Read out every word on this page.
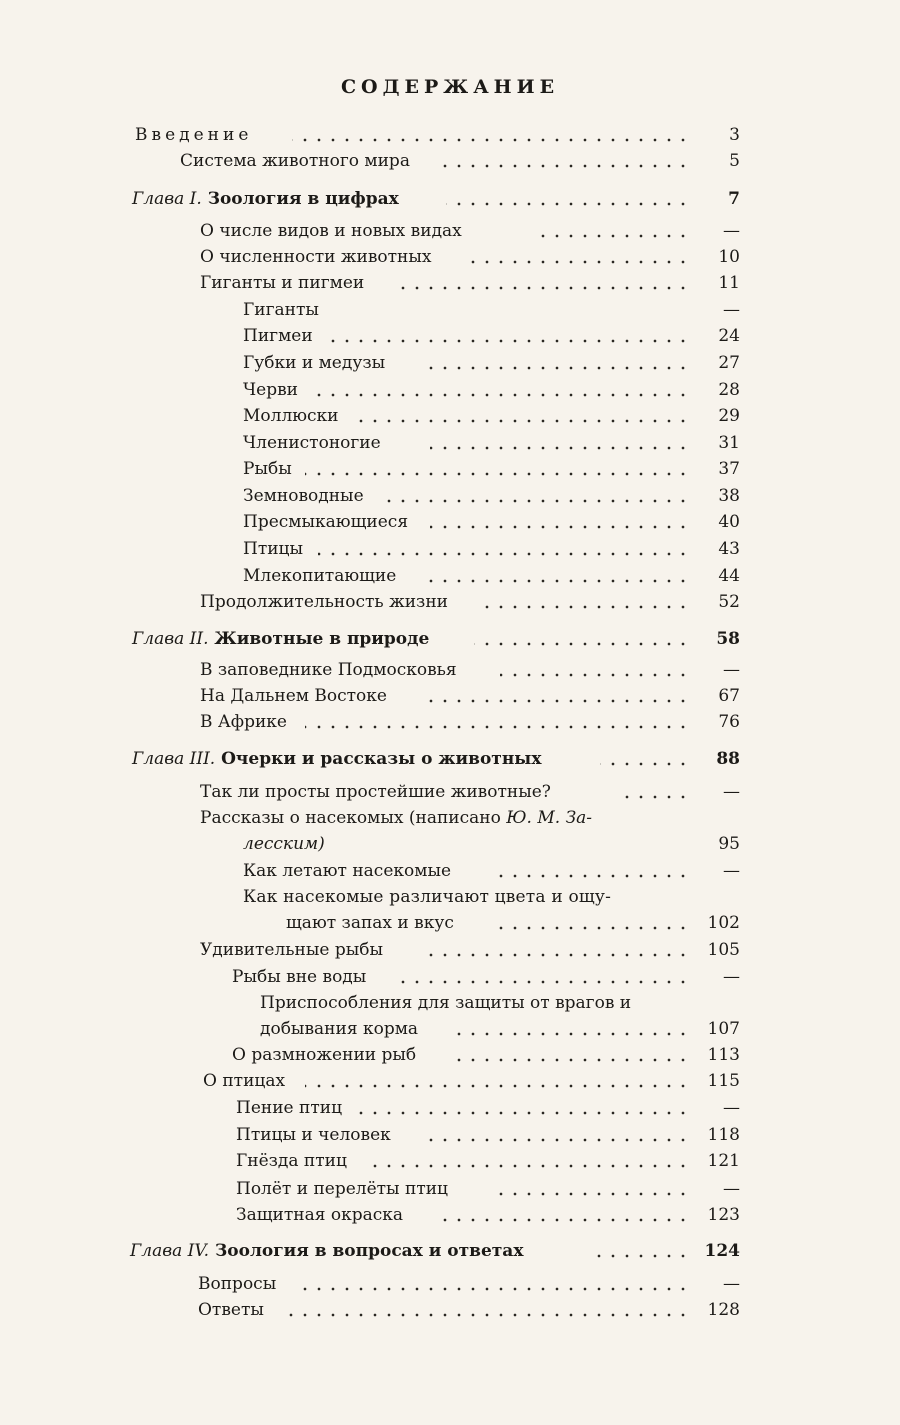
СОДЕРЖАНИЕ
Введение	3
Система животного мира	5
Глава I. Зоология в цифрах	7
О числе видов и новых видах	—
О численности животных	10
Гиганты и пигмеи	11
Гиганты	—
Пигмеи	24
Губки и медузы	27
Черви	28
Моллюски	29
Членистоногие	31
Рыбы	37
Земноводные	38
Пресмыкающиеся	40
Птицы	43
Млекопитающие	44
Продолжительность жизни	52
Глава II. Животные в природе	58
В заповеднике Подмосковья	—
На Дальнем Востоке	67
В Африке	76
Глава III. Очерки и рассказы о животных	88
Так ли просты простейшие животные?	—
Рассказы о насекомых (написано Ю. М. За-
лесским)	95
Как летают насекомые	—
Как насекомые различают цвета и ощу-
щают запах и вкус	102
Удивительные рыбы	105
Рыбы вне воды	—
Приспособления для защиты от врагов и
добывания корма	107
О размножении рыб	113
О птицах	115
Пение птиц	—
Птицы и человек	118
Гнёзда птиц	121
Полёт и перелёты птиц	—
Защитная окраска	123
Глава IV. Зоология в вопросах и ответах	124
Вопросы	—
Ответы	128
